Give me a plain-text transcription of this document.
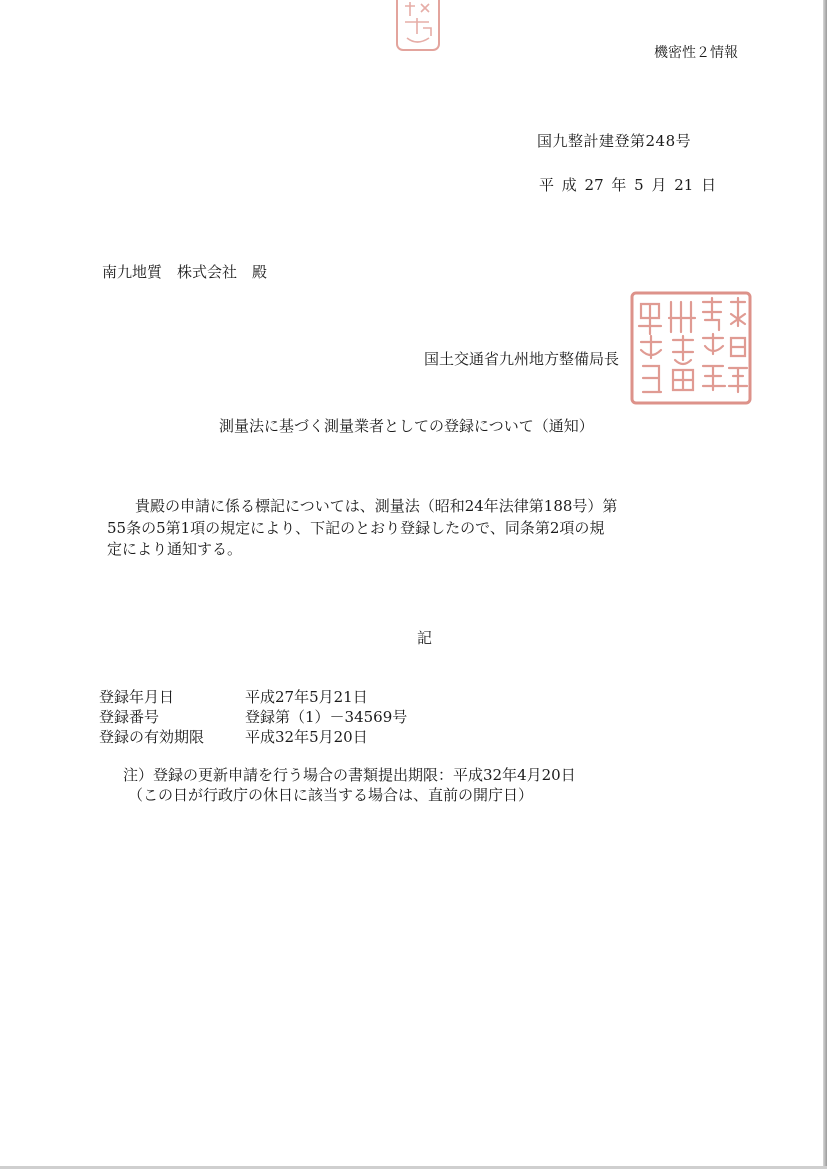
機密性２情報
国九整計建登第248号
平 成 27 年 5 月 21 日
南九地質　株式会社　殿
国土交通省九州地方整備局長
測量法に基づく測量業者としての登録について（通知）
貴殿の申請に係る標記については、測量法（昭和24年法律第188号）第
55条の5第1項の規定により、下記のとおり登録したので、同条第2項の規
定により通知する。
記
登録年月日	平成27年5月21日
登録番号	登録第（1）－34569号
登録の有効期限	平成32年5月20日
注）登録の更新申請を行う場合の書類提出期限：平成32年4月20日
（この日が行政庁の休日に該当する場合は、直前の開庁日）
